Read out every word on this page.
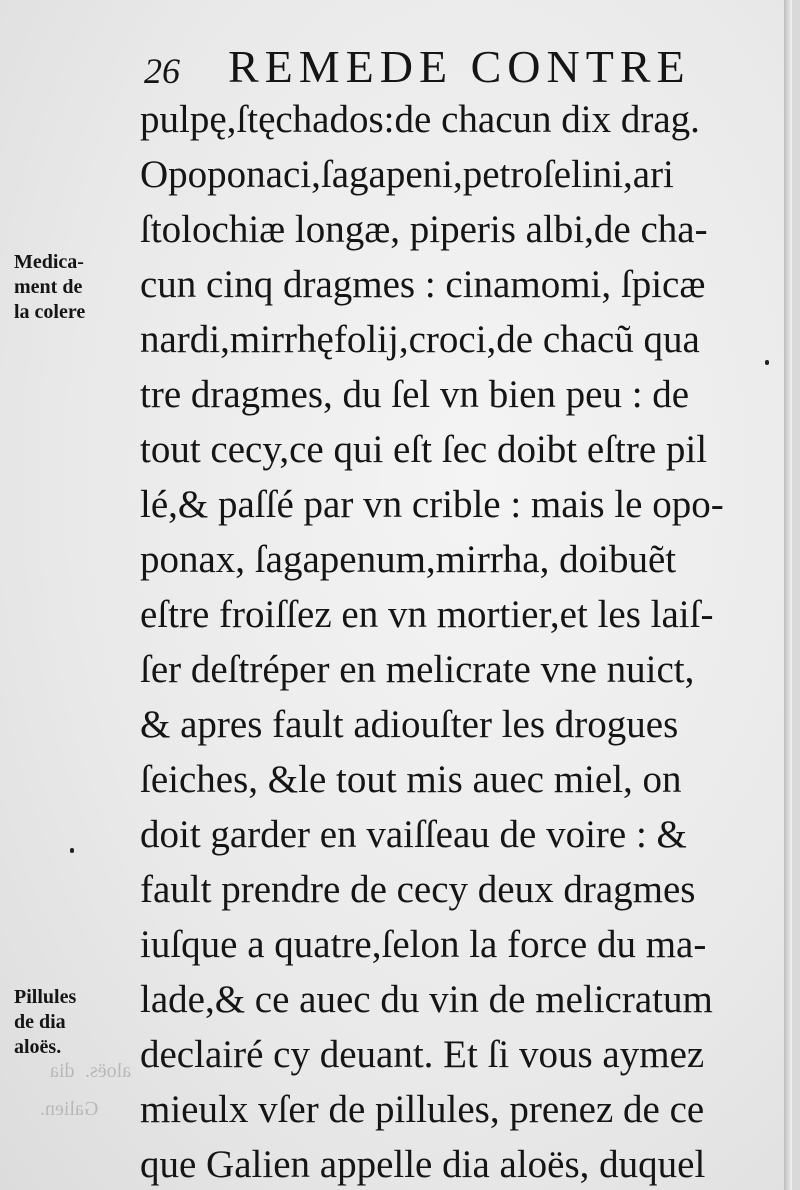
26 REMEDE CONTRE
pulpę,ſtęchados:de chacun dix drag.
Opoponaci,ſagapeni,petroſelini,ari
ſtolochiæ longæ, piperis albi,de cha-
cun cinq dragmes : cinamomi, ſpicæ
nardi,mirrhęfolij,croci,de chacũ qua
tre dragmes, du ſel vn bien peu : de
tout cecy,ce qui eſt ſec doibt eſtre pil
lé,& paſſé par vn crible : mais le opo-
ponax, ſagapenum,mirrha, doibuẽt
eſtre froiſſez en vn mortier,et les laiſ-
ſer deſtréper en melicrate vne nuict,
& apres fault adiouſter les drogues
ſeiches, &le tout mis auec miel, on
doit garder en vaiſſeau de voire : &
fault prendre de cecy deux dragmes
iuſque a quatre,ſelon la force du ma-
lade,& ce auec du vin de melicratum
declairé cy deuant. Et ſi vous aymez
mieulx vſer de pillules, prenez de ce
que Galien appelle dia aloës, duquel
Medica-
ment de
la colere
Pillules
de dia
aloës.
dia aloës.
Galien.
